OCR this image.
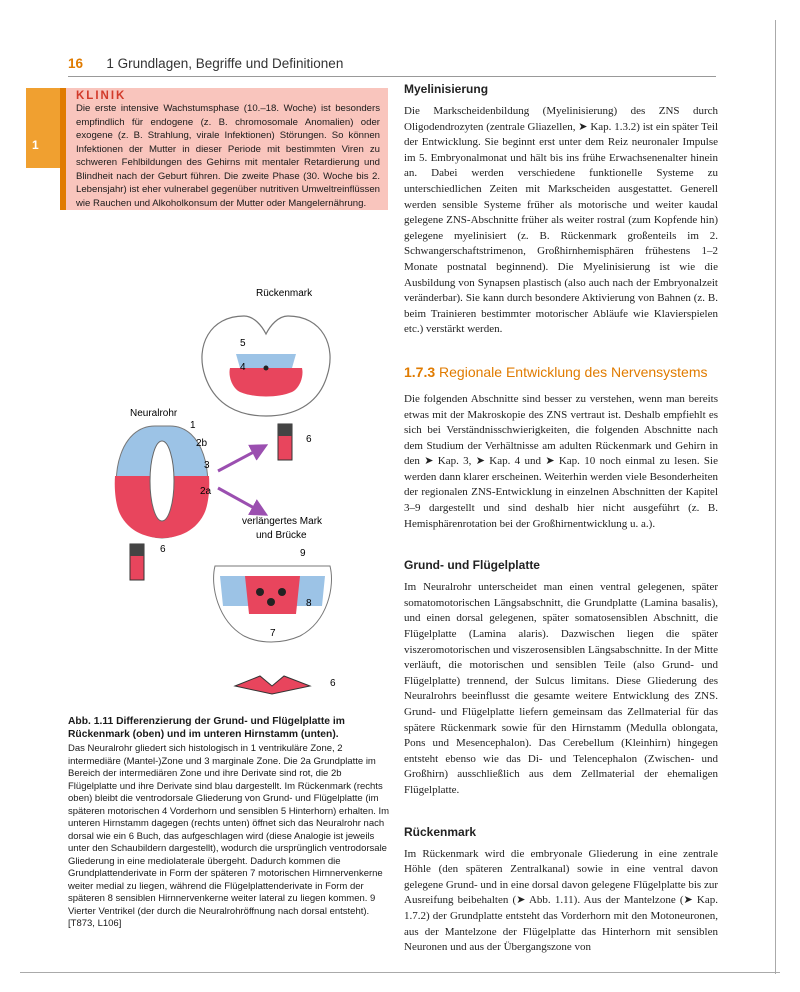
16 1 Grundlagen, Begriffe und Definitionen
1
KLINIK

Die erste intensive Wachstumsphase (10.–18. Woche) ist besonders empfindlich für endogene (z. B. chromosomale Anomalien) oder exogene (z. B. Strahlung, virale Infektionen) Störungen. So können Infektionen der Mutter in dieser Periode mit bestimmten Viren zu schweren Fehlbildungen des Gehirns mit mentaler Retardierung und Blindheit nach der Geburt führen. Die zweite Phase (30. Woche bis 2. Lebensjahr) ist eher vulnerabel gegenüber nutritiven Umweltreinflüssen wie Rauchen und Alkoholkonsum der Mutter oder Mangelernährung.

Rückenmark
5
4
Neuralrohr
1
2b
3
2a
6
6
verlängertes Mark
und Brücke
9
8
7
6

Abb. 1.11 Differenzierung der Grund- und Flügelplatte im Rückenmark (oben) und im unteren Hirnstamm (unten).

Das Neuralrohr gliedert sich histologisch in 1 ventrikuläre Zone, 2 intermediäre (Mantel-)Zone und 3 marginale Zone. Die 2a Grundplatte im Bereich der intermediären Zone und ihre Derivate sind rot, die 2b Flügelplatte und ihre Derivate sind blau dargestellt. Im Rückenmark (rechts oben) bleibt die ventrodorsale Gliederung von Grund- und Flügelplatte (im späteren motorischen 4 Vorderhorn und sensiblen 5 Hinterhorn) erhalten. Im unteren Hirnstamm dagegen (rechts unten) öffnet sich das Neuralrohr nach dorsal wie ein 6 Buch, das aufgeschlagen wird (diese Analogie ist jeweils unter den Schaubildern dargestellt), wodurch die ursprünglich ventrodorsale Gliederung in eine mediolaterale übergeht. Dadurch kommen die Grundplattenderivate in Form der späteren 7 motorischen Hirnnervenkerne weiter medial zu liegen, während die Flügelplattenderivate in Form der späteren 8 sensiblen Hirnnervenkerne weiter lateral zu liegen kommen. 9 Vierter Ventrikel (der durch die Neuralrohröffnung nach dorsal entsteht). [T873, L106]

Myelinisierung

Die Markscheidenbildung (Myelinisierung) des ZNS durch Oligodendrozyten (zentrale Gliazellen, ➤ Kap. 1.3.2) ist ein später Teil der Entwicklung. Sie beginnt erst unter dem Reiz neuronaler Impulse im 5. Embryonalmonat und hält bis ins frühe Erwachsenenalter hinein an. Dabei werden verschiedene funktionelle Systeme zu unterschiedlichen Zeiten mit Markscheiden ausgestattet. Generell werden sensible Systeme früher als motorische und weiter kaudal gelegene ZNS-Abschnitte früher als weiter rostral (zum Kopfende hin) gelegene myelinisiert (z. B. Rückenmark großenteils im 2. Schwangerschaftstrimenon, Großhirnhemisphären frühestens 1–2 Monate postnatal beginnend). Die Myelinisierung ist wie die Ausbildung von Synapsen plastisch (also auch nach der Embryonalzeit veränderbar). Sie kann durch besondere Aktivierung von Bahnen (z. B. beim Trainieren bestimmter motorischer Abläufe wie Klavierspielen etc.) verstärkt werden.

1.7.3 Regionale Entwicklung des Nervensystems

Die folgenden Abschnitte sind besser zu verstehen, wenn man bereits etwas mit der Makroskopie des ZNS vertraut ist. Deshalb empfiehlt es sich bei Verständnisschwierigkeiten, die folgenden Abschnitte nach dem Studium der Verhältnisse am adulten Rückenmark und Gehirn in den ➤ Kap. 3, ➤ Kap. 4 und ➤ Kap. 10 noch einmal zu lesen. Sie werden dann klarer erscheinen. Weiterhin werden viele Besonderheiten der regionalen ZNS-Entwicklung in einzelnen Abschnitten der Kapitel 3–9 dargestellt und sind deshalb hier nicht ausgeführt (z. B. Hemisphärenrotation bei der Großhirnentwicklung u. a.).

Grund- und Flügelplatte

Im Neuralrohr unterscheidet man einen ventral gelegenen, später somatomotorischen Längsabschnitt, die Grundplatte (Lamina basalis), und einen dorsal gelegenen, später somatosensiblen Abschnitt, die Flügelplatte (Lamina alaris). Dazwischen liegen die später viszeromotorischen und viszerosensiblen Längsabschnitte. In der Mitte verläuft, die motorischen und sensiblen Teile (also Grund- und Flügelplatte) trennend, der Sulcus limitans. Diese Gliederung des Neuralrohrs beeinflusst die gesamte weitere Entwicklung des ZNS. Grund- und Flügelplatte liefern gemeinsam das Zellmaterial für das spätere Rückenmark sowie für den Hirnstamm (Medulla oblongata, Pons und Mesencephalon). Das Cerebellum (Kleinhirn) hingegen entsteht ebenso wie das Di- und Telencephalon (Zwischen- und Großhirn) ausschließlich aus dem Zellmaterial der ehemaligen Flügelplatte.

Rückenmark

Im Rückenmark wird die embryonale Gliederung in eine zentrale Höhle (den späteren Zentralkanal) sowie in eine ventral davon gelegene Grund- und in eine dorsal davon gelegene Flügelplatte bis zur Ausreifung beibehalten (➤ Abb. 1.11). Aus der Mantelzone (➤ Kap. 1.7.2) der Grundplatte entsteht das Vorderhorn mit den Motoneuronen, aus der Mantelzone der Flügelplatte das Hinterhorn mit sensiblen Neuronen und aus der Übergangszone von
